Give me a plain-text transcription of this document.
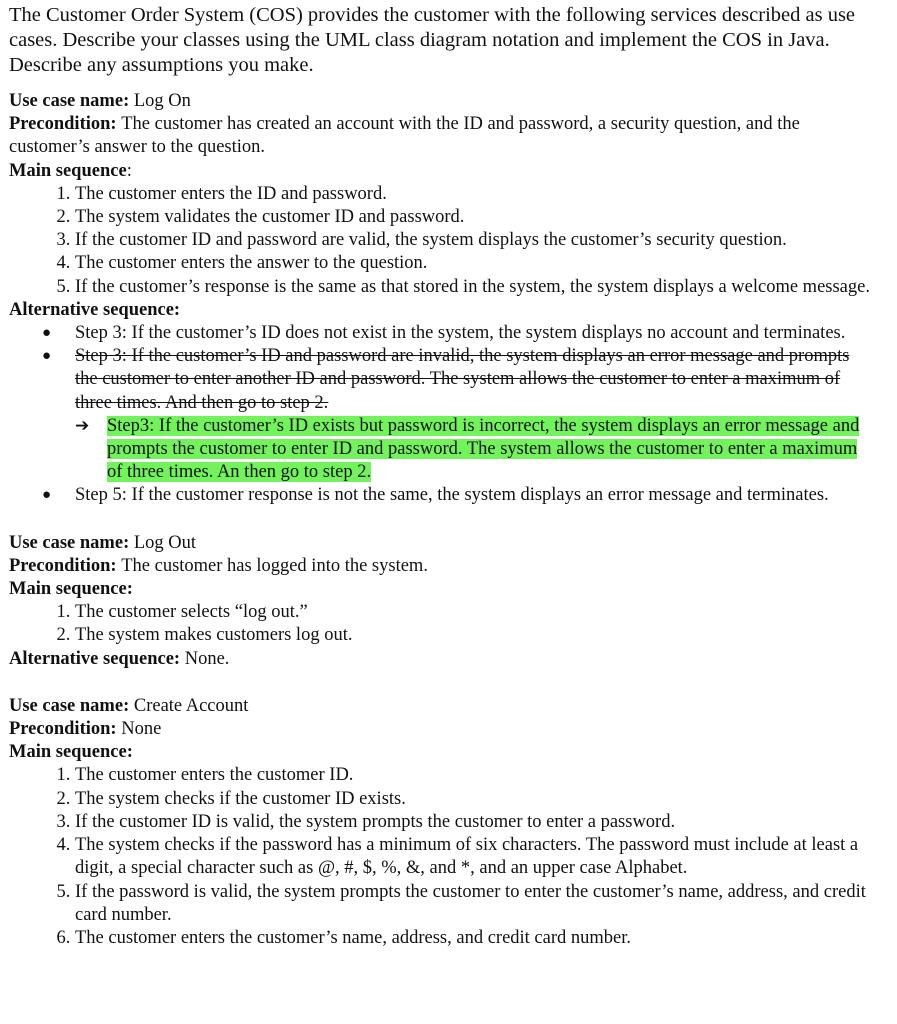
The Customer Order System (COS) provides the customer with the following services described as use cases. Describe your classes using the UML class diagram notation and implement the COS in Java. Describe any assumptions you make.

Use case name: Log On

Precondition: The customer has created an account with the ID and password, a security question, and the customer’s answer to the question.

Main sequence:

1. The customer enters the ID and password.
2. The system validates the customer ID and password.
3. If the customer ID and password are valid, the system displays the customer’s security question.
4. The customer enters the answer to the question.
5. If the customer’s response is the same as that stored in the system, the system displays a welcome message.

Alternative sequence:

● Step 3: If the customer’s ID does not exist in the system, the system displays no account and terminates.
● Step 3: If the customer’s ID and password are invalid, the system displays an error message and prompts the customer to enter another ID and password. The system allows the customer to enter a maximum of three times. And then go to step 2.
➔ Step3: If the customer’s ID exists but password is incorrect, the system displays an error message and prompts the customer to enter ID and password. The system allows the customer to enter a maximum of three times. An then go to step 2.
● Step 5: If the customer response is not the same, the system displays an error message and terminates.

Use case name: Log Out

Precondition: The customer has logged into the system.

Main sequence:

1. The customer selects “log out.”
2. The system makes customers log out.

Alternative sequence: None.

Use case name: Create Account

Precondition: None

Main sequence:

1. The customer enters the customer ID.
2. The system checks if the customer ID exists.
3. If the customer ID is valid, the system prompts the customer to enter a password.
4. The system checks if the password has a minimum of six characters. The password must include at least a digit, a special character such as @, #, $, %, &, and *, and an upper case Alphabet.
5. If the password is valid, the system prompts the customer to enter the customer’s name, address, and credit card number.
6. The customer enters the customer’s name, address, and credit card number.
